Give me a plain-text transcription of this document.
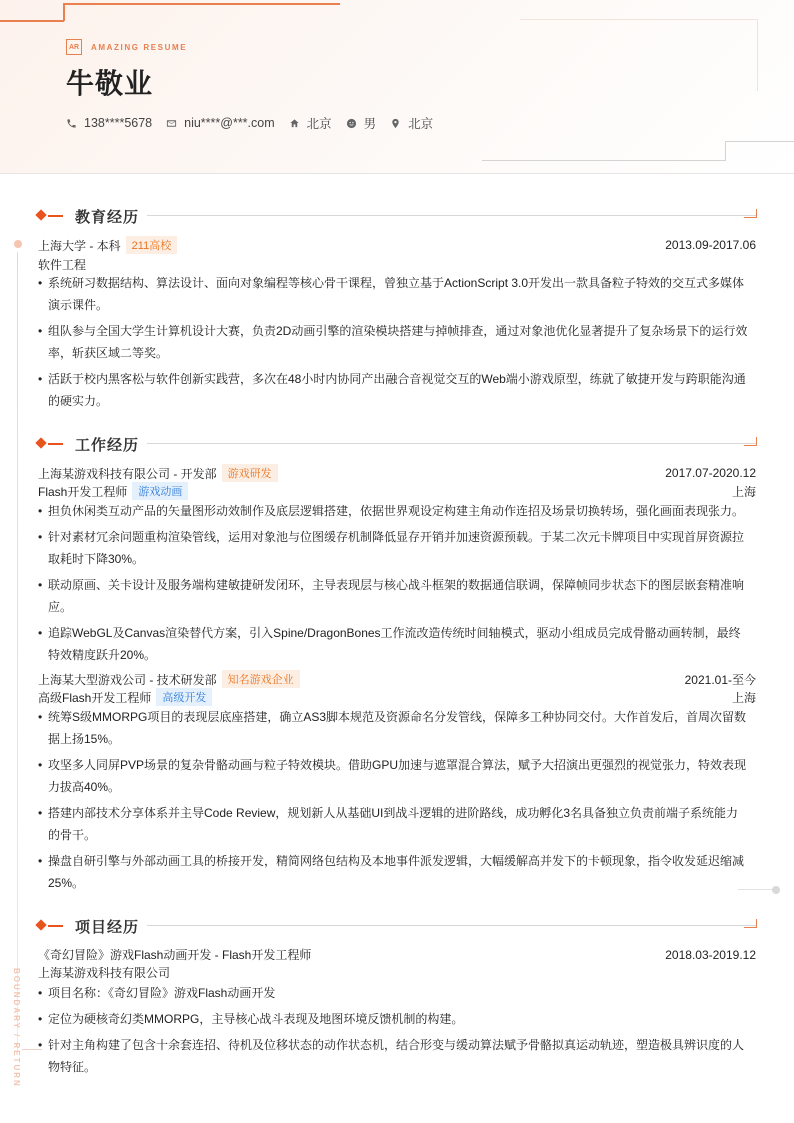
AR	AMAZING RESUME
牛敬业
138****5678	niu****@***.com	北京	男	北京
BOUNDARY / RETURN
教育经历
上海大学 - 本科	211高校	2013.09-2017.06
软件工程
• 系统研习数据结构、算法设计、面向对象编程等核心骨干课程，曾独立基于ActionScript 3.0开发出一款具备粒子特效的交互式多媒体演示课件。
• 组队参与全国大学生计算机设计大赛，负责2D动画引擎的渲染模块搭建与掉帧排查，通过对象池优化显著提升了复杂场景下的运行效率，斩获区域二等奖。
• 活跃于校内黑客松与软件创新实践营，多次在48小时内协同产出融合音视觉交互的Web端小游戏原型，练就了敏捷开发与跨职能沟通的硬实力。
工作经历
上海某游戏科技有限公司 - 开发部	游戏研发	2017.07-2020.12
Flash开发工程师	游戏动画	上海
• 担负休闲类互动产品的矢量图形动效制作及底层逻辑搭建，依据世界观设定构建主角动作连招及场景切换转场，强化画面表现张力。
• 针对素材冗余问题重构渲染管线，运用对象池与位图缓存机制降低显存开销并加速资源预载。于某二次元卡牌项目中实现首屏资源拉取耗时下降30%。
• 联动原画、关卡设计及服务端构建敏捷研发闭环，主导表现层与核心战斗框架的数据通信联调，保障帧同步状态下的图层嵌套精准响应。
• 追踪WebGL及Canvas渲染替代方案，引入Spine/DragonBones工作流改造传统时间轴模式，驱动小组成员完成骨骼动画转制，最终特效精度跃升20%。
上海某大型游戏公司 - 技术研发部	知名游戏企业	2021.01-至今
高级Flash开发工程师	高级开发	上海
• 统筹S级MMORPG项目的表现层底座搭建，确立AS3脚本规范及资源命名分发管线，保障多工种协同交付。大作首发后，首周次留数据上扬15%。
• 攻坚多人同屏PVP场景的复杂骨骼动画与粒子特效模块。借助GPU加速与遮罩混合算法，赋予大招演出更强烈的视觉张力，特效表现力拔高40%。
• 搭建内部技术分享体系并主导Code Review，规划新人从基础UI到战斗逻辑的进阶路线，成功孵化3名具备独立负责前端子系统能力的骨干。
• 操盘自研引擎与外部动画工具的桥接开发，精简网络包结构及本地事件派发逻辑，大幅缓解高并发下的卡顿现象，指令收发延迟缩减25%。
项目经历
《奇幻冒险》游戏Flash动画开发 - Flash开发工程师	2018.03-2019.12
上海某游戏科技有限公司
• 项目名称：《奇幻冒险》游戏Flash动画开发
• 定位为硬核奇幻类MMORPG，主导核心战斗表现及地图环境反馈机制的构建。
• 针对主角构建了包含十余套连招、待机及位移状态的动作状态机，结合形变与缓动算法赋予骨骼拟真运动轨迹，塑造极具辨识度的人物特征。
